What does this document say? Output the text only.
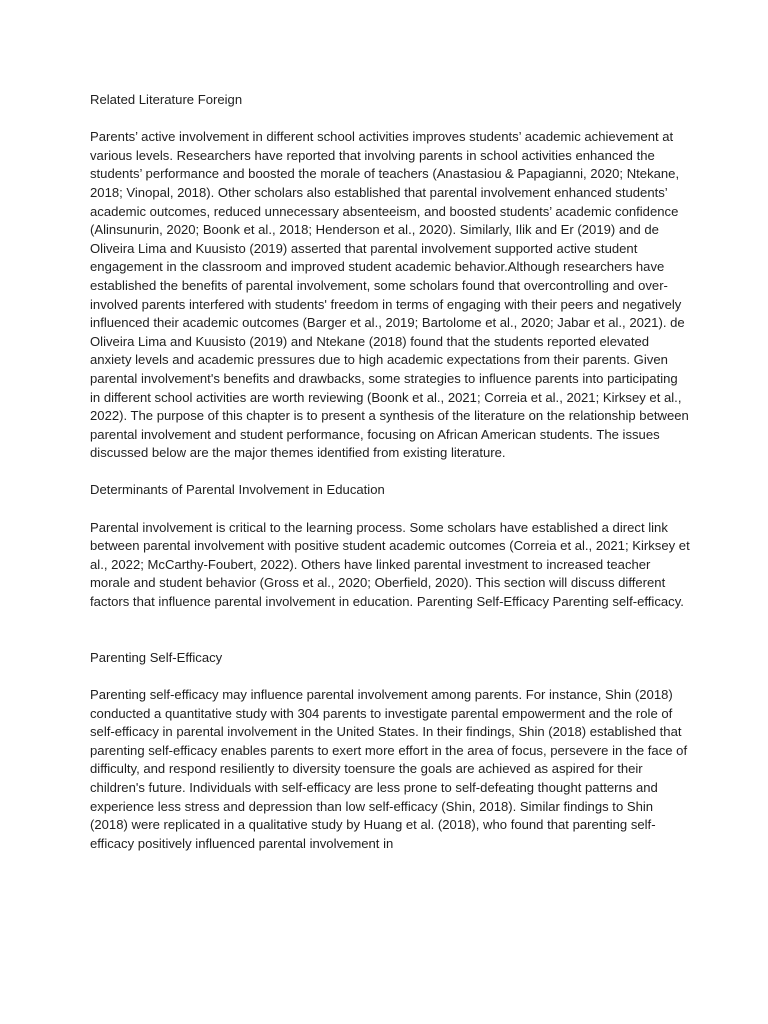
Related Literature Foreign

Parents’ active involvement in different school activities improves students’ academic achievement at various levels. Researchers have reported that involving parents in school activities enhanced the students’ performance and boosted the morale of teachers (Anastasiou & Papagianni, 2020; Ntekane, 2018; Vinopal, 2018). Other scholars also established that parental involvement enhanced students’ academic outcomes, reduced unnecessary absenteeism, and boosted students’ academic confidence (Alinsunurin, 2020; Boonk et al., 2018; Henderson et al., 2020). Similarly, Ilik and Er (2019) and de Oliveira Lima and Kuusisto (2019) asserted that parental involvement supported active student engagement in the classroom and improved student academic behavior.Although researchers have established the benefits of parental involvement, some scholars found that overcontrolling and over-involved parents interfered with students' freedom in terms of engaging with their peers and negatively influenced their academic outcomes (Barger et al., 2019; Bartolome et al., 2020; Jabar et al., 2021). de Oliveira Lima and Kuusisto (2019) and Ntekane (2018) found that the students reported elevated anxiety levels and academic pressures due to high academic expectations from their parents. Given parental involvement's benefits and drawbacks, some strategies to influence parents into participating in different school activities are worth reviewing (Boonk et al., 2021; Correia et al., 2021; Kirksey et al., 2022). The purpose of this chapter is to present a synthesis of the literature on the relationship between parental involvement and student performance, focusing on African American students. The issues discussed below are the major themes identified from existing literature.

Determinants of Parental Involvement in Education

Parental involvement is critical to the learning process. Some scholars have established a direct link between parental involvement with positive student academic outcomes (Correia et al., 2021; Kirksey et al., 2022; McCarthy-Foubert, 2022). Others have linked parental investment to increased teacher morale and student behavior (Gross et al., 2020; Oberfield, 2020). This section will discuss different factors that influence parental involvement in education. Parenting Self-Efficacy Parenting self-efficacy.

Parenting Self-Efficacy

Parenting self-efficacy may influence parental involvement among parents. For instance, Shin (2018) conducted a quantitative study with 304 parents to investigate parental empowerment and the role of self-efficacy in parental involvement in the United States. In their findings, Shin (2018) established that parenting self-efficacy enables parents to exert more effort in the area of focus, persevere in the face of difficulty, and respond resiliently to diversity toensure the goals are achieved as aspired for their children's future. Individuals with self-efficacy are less prone to self-defeating thought patterns and experience less stress and depression than low self-efficacy (Shin, 2018). Similar findings to Shin (2018) were replicated in a qualitative study by Huang et al. (2018), who found that parenting self-efficacy positively influenced parental involvement in
